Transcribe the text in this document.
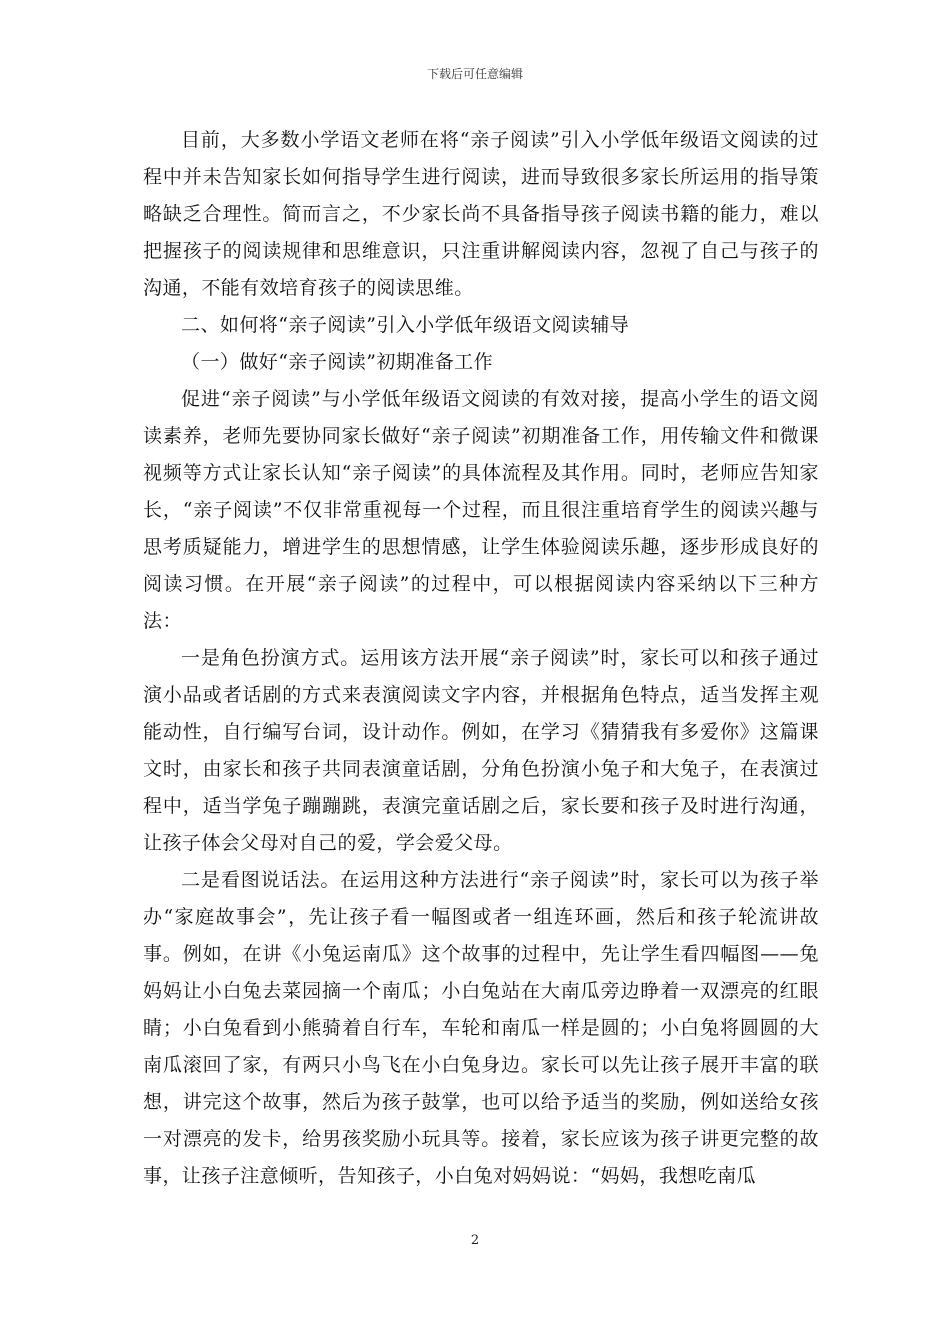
下载后可任意编辑

目前，大多数小学语文老师在将“亲子阅读”引入小学低年级语文阅读的过程中并未告知家长如何指导学生进行阅读，进而导致很多家长所运用的指导策略缺乏合理性。简而言之，不少家长尚不具备指导孩子阅读书籍的能力，难以把握孩子的阅读规律和思维意识，只注重讲解阅读内容，忽视了自己与孩子的沟通，不能有效培育孩子的阅读思维。

二、如何将“亲子阅读”引入小学低年级语文阅读辅导

（一）做好“亲子阅读”初期准备工作

促进“亲子阅读”与小学低年级语文阅读的有效对接，提高小学生的语文阅读素养，老师先要协同家长做好“亲子阅读”初期准备工作，用传输文件和微课视频等方式让家长认知“亲子阅读”的具体流程及其作用。同时，老师应告知家长，“亲子阅读”不仅非常重视每一个过程，而且很注重培育学生的阅读兴趣与思考质疑能力，增进学生的思想情感，让学生体验阅读乐趣，逐步形成良好的阅读习惯。在开展“亲子阅读”的过程中，可以根据阅读内容采纳以下三种方法：

一是角色扮演方式。运用该方法开展“亲子阅读”时，家长可以和孩子通过演小品或者话剧的方式来表演阅读文字内容，并根据角色特点，适当发挥主观能动性，自行编写台词，设计动作。例如，在学习《猜猜我有多爱你》这篇课文时，由家长和孩子共同表演童话剧，分角色扮演小兔子和大兔子，在表演过程中，适当学兔子蹦蹦跳，表演完童话剧之后，家长要和孩子及时进行沟通，让孩子体会父母对自己的爱，学会爱父母。

二是看图说话法。在运用这种方法进行“亲子阅读”时，家长可以为孩子举办“家庭故事会”，先让孩子看一幅图或者一组连环画，然后和孩子轮流讲故事。例如，在讲《小兔运南瓜》这个故事的过程中，先让学生看四幅图——兔妈妈让小白兔去菜园摘一个南瓜；小白兔站在大南瓜旁边睁着一双漂亮的红眼睛；小白兔看到小熊骑着自行车，车轮和南瓜一样是圆的；小白兔将圆圆的大南瓜滚回了家，有两只小鸟飞在小白兔身边。家长可以先让孩子展开丰富的联想，讲完这个故事，然后为孩子鼓掌，也可以给予适当的奖励，例如送给女孩一对漂亮的发卡，给男孩奖励小玩具等。接着，家长应该为孩子讲更完整的故事，让孩子注意倾听，告知孩子，小白兔对妈妈说：“妈妈，我想吃南瓜

2
